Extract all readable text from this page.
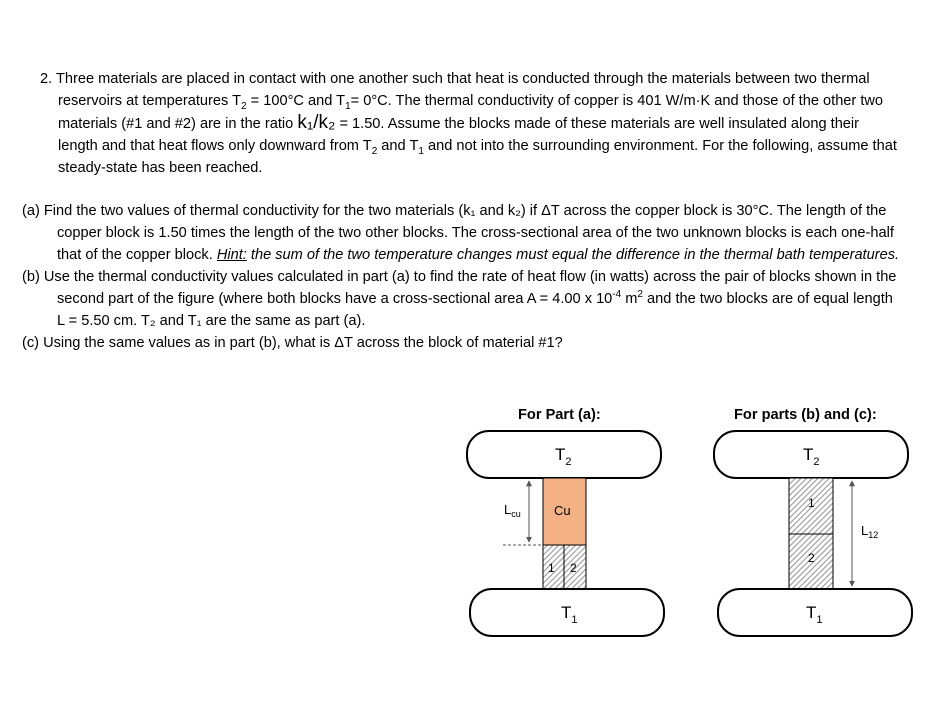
2. Three materials are placed in contact with one another such that heat is conducted through the materials between two thermal reservoirs at temperatures $T_2 = 100^\circ C$ and $T_1= 0^\circ C$. The thermal conductivity of copper is 401 W/m·K and those of the other two materials (#1 and #2) are in the ratio k₁/k₂ = 1.50. Assume the blocks made of these materials are well insulated along their length and that heat flows only downward from $T_2$ and $T_1$ and not into the surrounding environment. For the following, assume that steady-state has been reached.

(a) Find the two values of thermal conductivity for the two materials (k₁ and k₂) if ΔT across the copper block is 30°C. The length of the copper block is 1.50 times the length of the two other blocks. The cross-sectional area of the two unknown blocks is each one-half that of the copper block. Hint: the sum of the two temperature changes must equal the difference in the thermal bath temperatures.

(b) Use the thermal conductivity values calculated in part (a) to find the rate of heat flow (in watts) across the pair of blocks shown in the second part of the figure (where both blocks have a cross-sectional area A = 4.00 x $10^{-4}$ $m^2$ and the two blocks are of equal length L = 5.50 cm. T₂ and T₁ are the same as part (a).

(c) Using the same values as in part (b), what is ΔT across the block of material #1?

For Part (a):	For parts (b) and (c):
$T_2$
Cu
1 2
$L_{cu}$
$T_1$
$T_2$
1
2
$L_{12}$
$T_1$
